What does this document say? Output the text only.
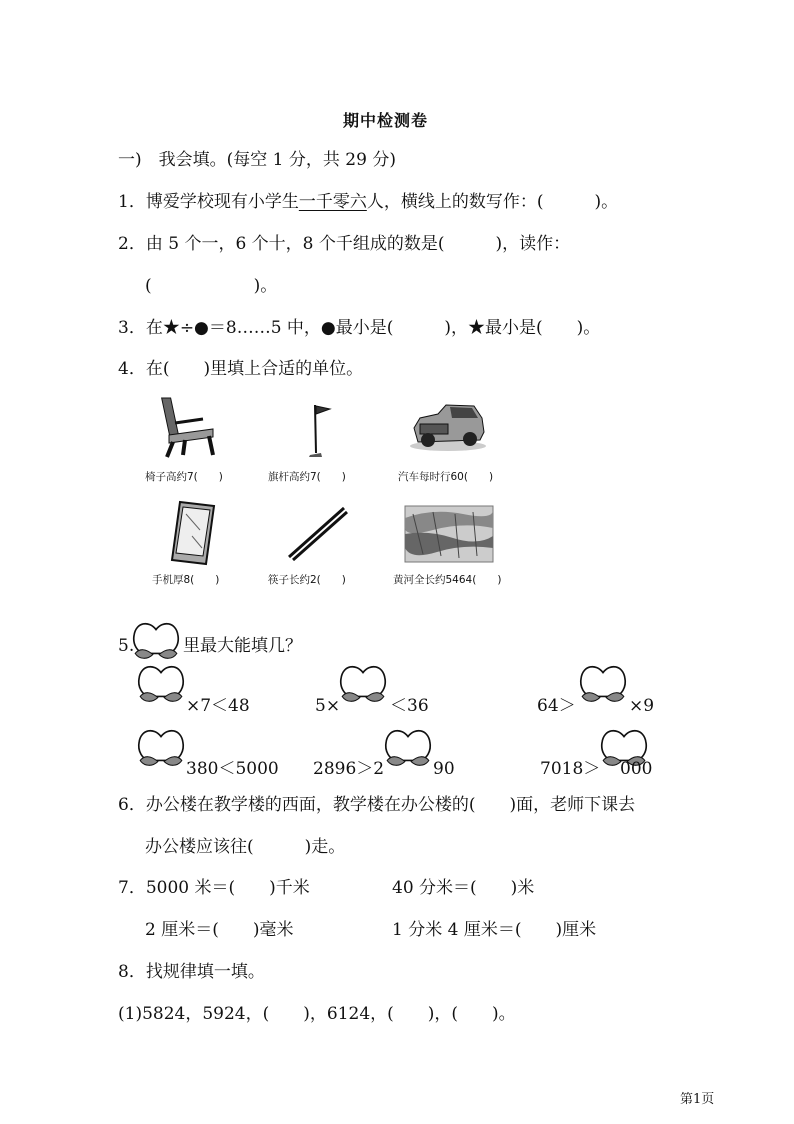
期中检测卷
一)　我会填。(每空 1 分，共 29 分)
1．博爱学校现有小学生一千零六人，横线上的数写作：(　　　)。
2．由 5 个一，6 个十，8 个千组成的数是(　　　)，读作：
(　　　　　　)。
3．在★÷●＝8……5 中，●最小是(　　　)，★最小是(　　)。
4．在(　　)里填上合适的单位。
椅子高约7(　　)	旗杆高约7(　　)	汽车每时行60(　　)
手机厚8(　　)	筷子长约2(　　)	黄河全长约5464(　　)
5.	里最大能填几？
×7＜48	5×	＜36	64＞	×9
380＜5000 2896＞2	90	7018＞ 000
6．办公楼在教学楼的西面，教学楼在办公楼的(　　)面，老师下课去
办公楼应该往(　　　)走。
7．5000 米＝(　　)千米	40 分米＝(　　)米
2 厘米＝(　　)毫米	1 分米 4 厘米＝(　　)厘米
8．找规律填一填。
(1)5824，5924，(　　)，6124，(　　)，(　　)。
第1页
